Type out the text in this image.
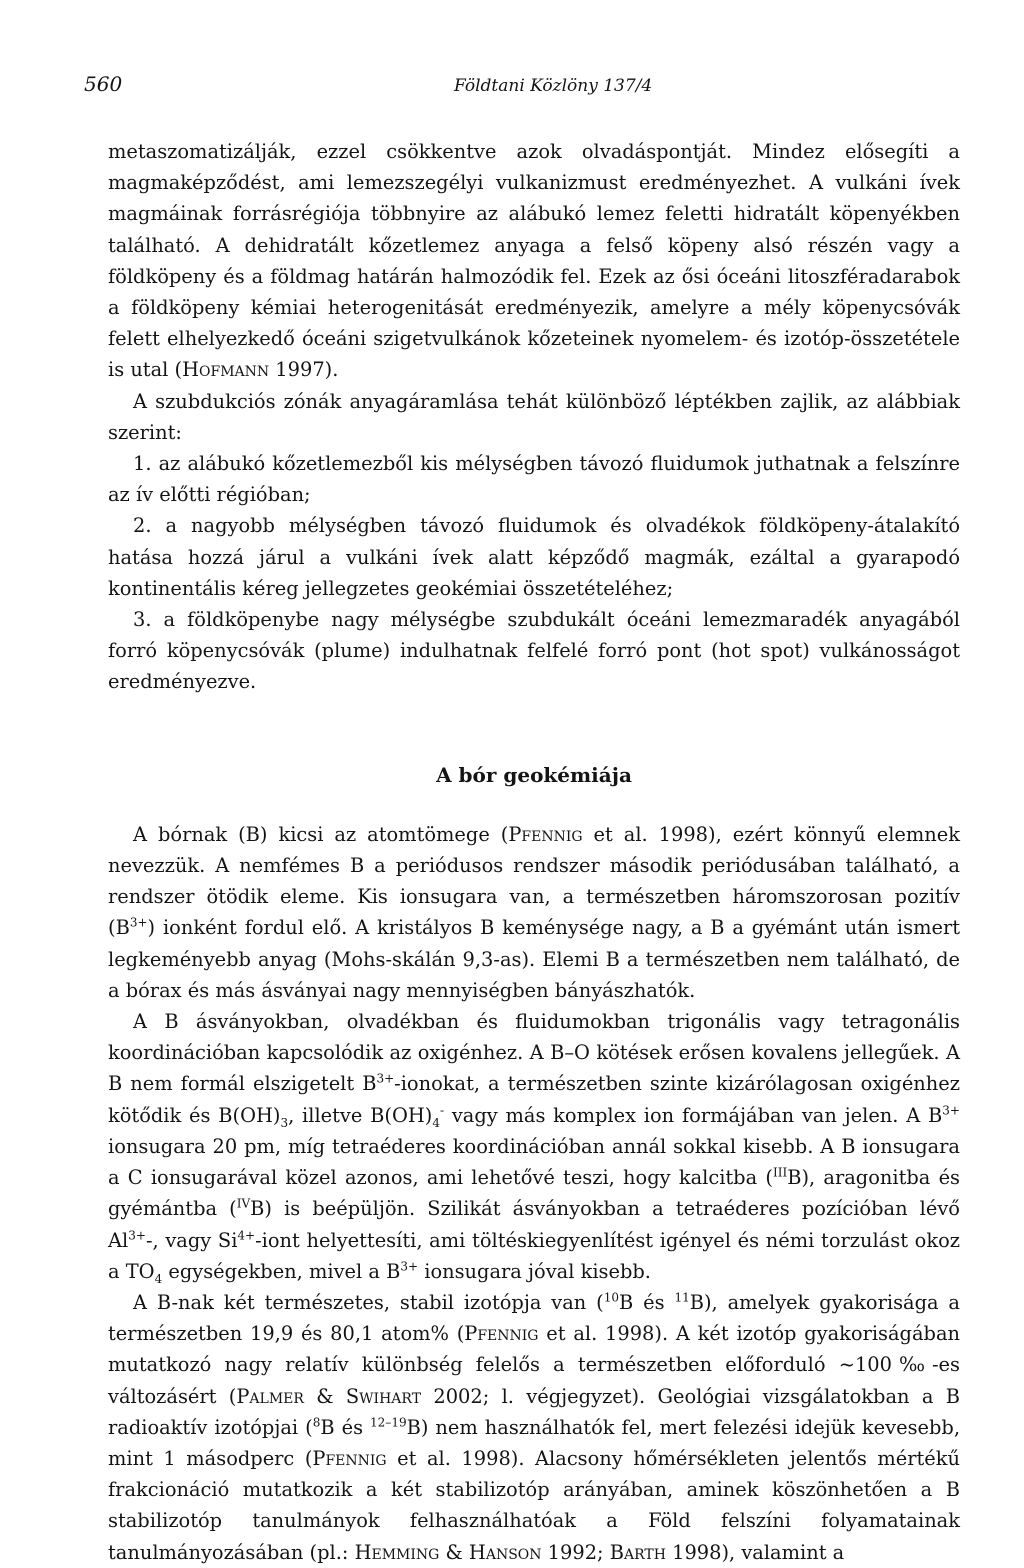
560	Földtani Közlöny 137/4

metaszomatizálják, ezzel csökkentve azok olvadáspontját. Mindez elősegíti a magmaképződést, ami lemezszegélyi vulkanizmust eredményezhet. A vulkáni ívek magmáinak forrásrégiója többnyire az alábukó lemez feletti hidratált köpenyékben található. A dehidratált kőzetlemez anyaga a felső köpeny alsó részén vagy a földköpeny és a földmag határán halmozódik fel. Ezek az ősi óceáni litoszféradarabok a földköpeny kémiai heterogenitását eredményezik, amelyre a mély köpenycsóvák felett elhelyezkedő óceáni szigetvulkánok kőzeteinek nyomelem- és izotóp-összetétele is utal (Hofmann 1997).

A szubdukciós zónák anyagáramlása tehát különböző léptékben zajlik, az alábbiak szerint:

1. az alábukó kőzetlemezből kis mélységben távozó fluidumok juthatnak a felszínre az ív előtti régióban;

2. a nagyobb mélységben távozó fluidumok és olvadékok földköpeny-átalakító hatása hozzá járul a vulkáni ívek alatt képződő magmák, ezáltal a gyarapodó kontinentális kéreg jellegzetes geokémiai összetételéhez;

3. a földköpenybe nagy mélységbe szubdukált óceáni lemezmaradék anyagából forró köpenycsóvák (plume) indulhatnak felfelé forró pont (hot spot) vulkánosságot eredményezve.

A bór geokémiája

A bórnak (B) kicsi az atomtömege (Pfennig et al. 1998), ezért könnyű elemnek nevezzük. A nemfémes B a periódusos rendszer második periódusában található, a rendszer ötödik eleme. Kis ionsugara van, a természetben háromszorosan pozitív $(B^{3+})$ ionként fordul elő. A kristályos B keménysége nagy, a B a gyémánt után ismert legkeményebb anyag (Mohs-skálán 9,3-as). Elemi B a természetben nem található, de a bórax és más ásványai nagy mennyiségben bányászhatók.

A B ásványokban, olvadékban és fluidumokban trigonális vagy tetragonális koordinációban kapcsolódik az oxigénhez. A B–O kötések erősen kovalens jellegűek. A B nem formál elszigetelt $B^{3+}$-ionokat, a természetben szinte kizárólagosan oxigénhez kötődik és $B(OH)_3$, illetve $B(OH)_4^-$ vagy más komplex ion formájában van jelen. A $B^{3+}$ ionsugara 20 pm, míg tetraéderes koordinációban annál sokkal kisebb. A B ionsugara a C ionsugarával közel azonos, ami lehetővé teszi, hogy kalcitba ($^{III}$B), aragonitba és gyémántba ($^{IV}$B) is beépüljön. Szilikát ásványokban a tetraéderes pozícióban lévő $Al^{3+}-$, vagy $Si^{4+}$-iont helyettesíti, ami töltéskiegyenlítést igényel és némi torzulást okoz a $TO_4$ egységekben, mivel a $B^{3+}$ ionsugara jóval kisebb.

A B-nak két természetes, stabil izotópja van ($^{10}$B és $^{11}$B), amelyek gyakorisága a természetben 19,9 és 80,1 atom% (Pfennig et al. 1998). A két izotóp gyakoriságában mutatkozó nagy relatív különbség felelős a természetben előforduló ~100‰-es változásért (Palmer & Swihart 2002; l. végjegyzet). Geológiai vizsgálatokban a B radioaktív izotópjai ($^8$B és $^{12-19}$B) nem használhatók fel, mert felezési idejük kevesebb, mint 1 másodperc (Pfennig et al. 1998). Alacsony hőmérsékleten jelentős mértékű frakcionáció mutatkozik a két stabilizotóp arányában, aminek köszönhetően a B stabilizotóp tanulmányok felhasználhatóak a Föld felszíni folyamatainak tanulmányozásában (pl.: Hemming & Hanson 1992; Barth 1998), valamint a
